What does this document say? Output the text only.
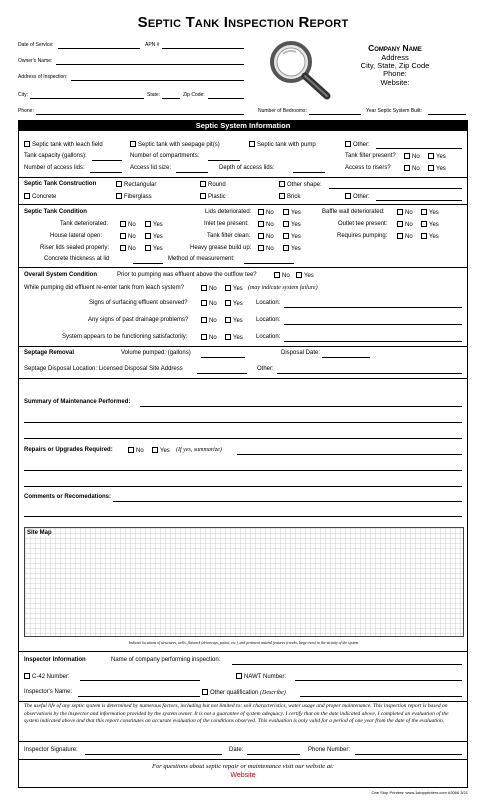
Septic Tank Inspection Report
Date of Service:	APN #
Owner's Name:
Address of Inspection:
City:	State:	Zip Code:
Phone:	Number of Bedrooms:	Year Septic System Built:
Company Name
Address
City, State, Zip Code
Phone:
Website:
Septic System Information
Septic tank with leach field	Septic tank with seepage pit(s)	Septic tank with pump	Other:
Tank capacity (gallons):	Number of compartments:	Tank filter present?	No	Yes
Number of access lids:	Access lid size:	Depth of access lids:	Access to risers?	No	Yes
Septic Tank Construction	Rectangular	Round	Other shape:
Concrete	Fiberglass	Plastic	Brick	Other:
Septic Tank Condition	Lids deteriorated:	No	Yes	Baffle wall deteriorated:	No	Yes
Tank deteriorated:	No	Yes	Inlet tee present:	No	Yes	Outlet tee present:	No	Yes
House lateral open:	No	Yes	Tank filter clean:	No	Yes	Requires pumping:	No	Yes
Riser lids sealed properly:	No	Yes	Heavy grease build up:	No	Yes
Concrete thickness at lid	Method of measurement:
Overall System Condition	Prior to pumping was effluent above the outflow tee?	No	Yes
While pumping did effluent re-enter tank from leach system?	No	Yes (may indicate system failure)
Signs of surfacing effluent observed?	No	Yes Location:
Any signs of past drainage problems?	No	Yes Location:
System appears to be functioning satisfactorily:	No	Yes Location:
Septage Removal	Volume pumped: (gallons)	Disposal Date:
Septage Disposal Location: Licensed Disposal Site Address	Other:
Summary of Maintenance Performed:
Repairs or Upgrades Required:	No	Yes (If yes, summarize)
Comments or Recomedations:
Site Map
Indicate locations of structures, wells, flatwork (driveways, patios, etc.), and pertinent natural features (creeks, large trees) in the vicinity of the system.
Inspector Information	Name of company performing inspection:
C-42 Number:	NAWT Number:
Inspector's Name:	Other qualification (Describe)
The useful life of any septic system is determined by numerous factors, including but not limited to: soil characteristics, water usage and proper maintenance. This inspection report is based on observations by the inspector and information provided by the system owner. It is not a guarantee of system adequacy. I certify that on the date indicated above, I completed an evaluation of the system indicated above and that this report constitutes an accurate evaluation of the conditions observed. This evaluation is only valid for a period of one year from the date of the evaluation.
Inspector Signature:	Date:	Phone Number:
For questions about septic repair or maintenance visit our website at:
Website
One Stop Printers: www.1stopprinters.com #2066 3/21
